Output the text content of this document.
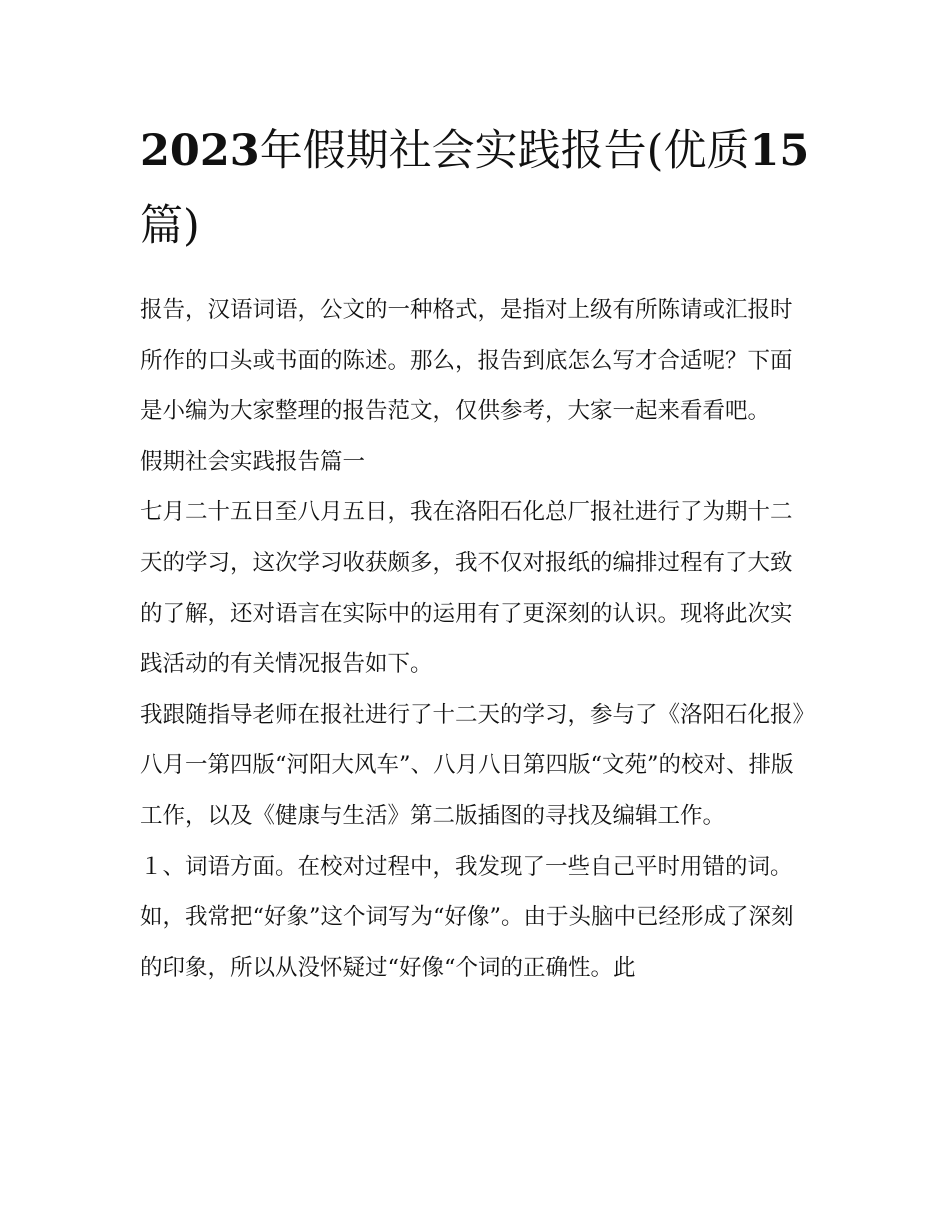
2023年假期社会实践报告(优质15篇)

报告，汉语词语，公文的一种格式，是指对上级有所陈请或汇报时所作的口头或书面的陈述。那么，报告到底怎么写才合适呢？下面是小编为大家整理的报告范文，仅供参考，大家一起来看看吧。

假期社会实践报告篇一

七月二十五日至八月五日，我在洛阳石化总厂报社进行了为期十二天的学习，这次学习收获颇多，我不仅对报纸的编排过程有了大致的了解，还对语言在实际中的运用有了更深刻的认识。现将此次实践活动的有关情况报告如下。

我跟随指导老师在报社进行了十二天的学习，参与了《洛阳石化报》八月一第四版“河阳大风车”、八月八日第四版“文苑”的校对、排版工作，以及《健康与生活》第二版插图的寻找及编辑工作。

１、词语方面。在校对过程中，我发现了一些自己平时用错的词。如，我常把“好象”这个词写为“好像”。由于头脑中已经形成了深刻的印象，所以从没怀疑过“好像“个词的正确性。此
